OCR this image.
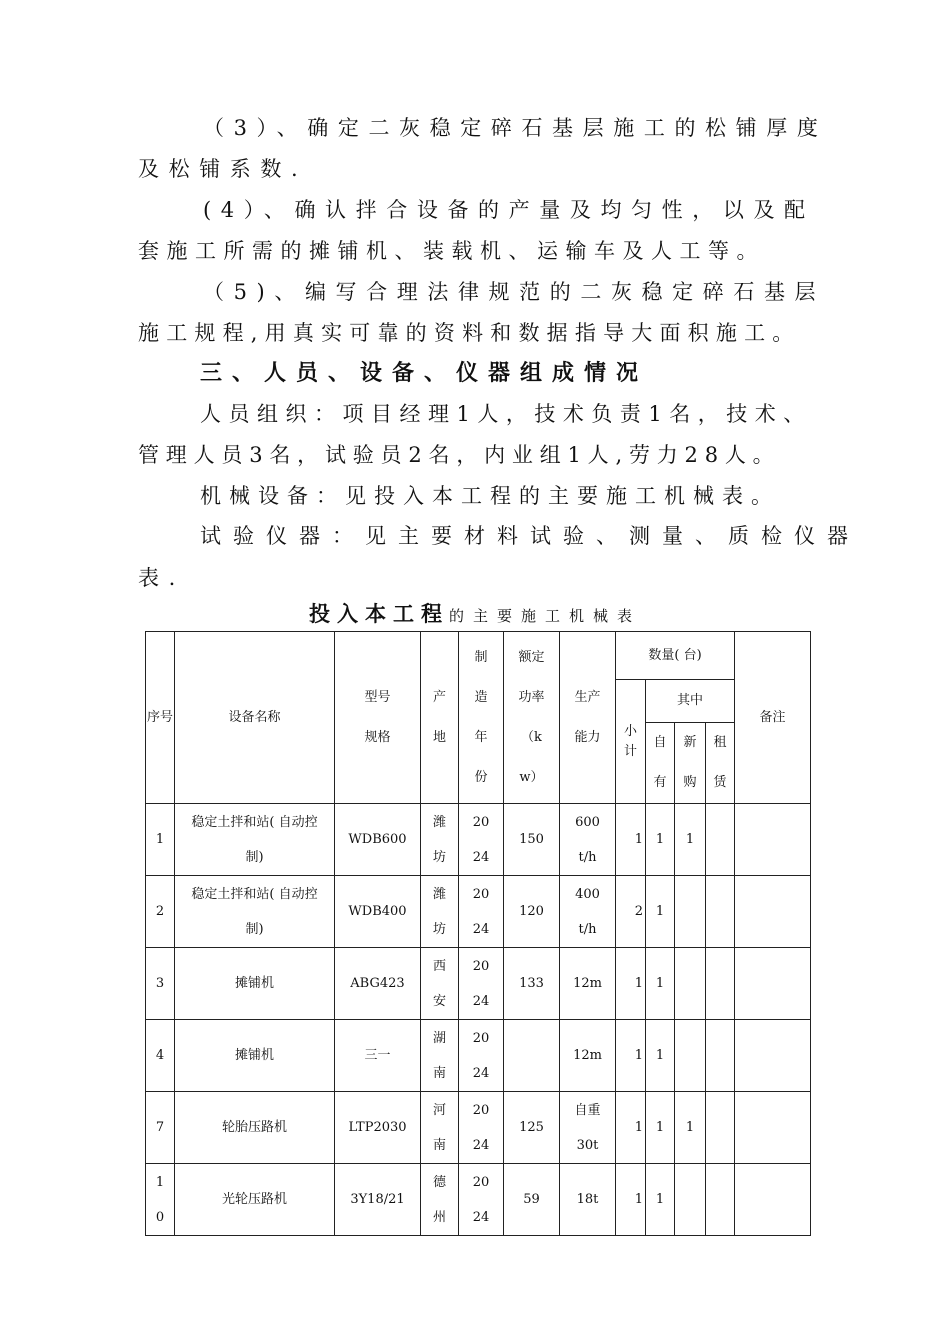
（3）、确定二灰稳定碎石基层施工的松铺厚度
及松铺系数.
(4）、确认拌合设备的产量及均匀性，以及配
套施工所需的摊铺机、装载机、运输车及人工等。
（5)、编写合理法律规范的二灰稳定碎石基层
施工规程,用真实可靠的资料和数据指导大面积施工。
三、人员、设备、仪器组成情况
人员组织：项目经理1人，技术负责1名，技术、
管理人员3名，试验员2名，内业组1人,劳力28人。
机械设备：见投入本工程的主要施工机械表。
试验仪器：见主要材料试验、测量、质检仪器
表.
投入本工程的主要施工机械表
序号	设备名称	型号规格	产地	制造年份	额定功率（kw）	生产能力	数量( 台)				备注

							小计	其中			

								自有	新购	租赁	

1	稳定土拌和站( 自动控制)	WDB600	潍坊	2024	150	600t/h	1	1	1		

2	稳定土拌和站( 自动控制)	WDB400	潍坊	2024	120	400t/h	2	1			

3	摊铺机	ABG423	西安	2024	133	12m	1	1			

4	摊铺机	三一	湖南	2024		12m	1	1			

7	轮胎压路机	LTP2030	河南	2024	125	自重30t	1	1	1		

10	光轮压路机	3Y18/21	德州	2024	59	18t	1	1			
